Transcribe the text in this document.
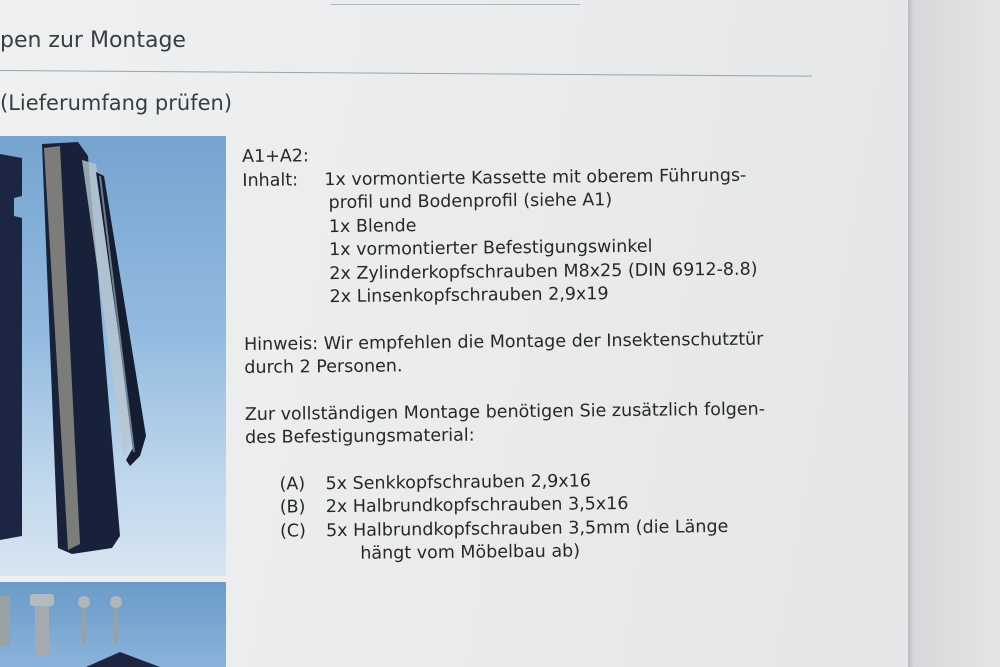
pen zur Montage
(Lieferumfang prüfen)
A1+A2:
Inhalt: 1x vormontierte Kassette mit oberem Führungs-
profil und Bodenprofil (siehe A1)
1x Blende
1x vormontierter Befestigungswinkel
2x Zylinderkopfschrauben M8x25 (DIN 6912-8.8)
2x Linsenkopfschrauben 2,9x19
Hinweis: Wir empfehlen die Montage der Insektenschutztür
durch 2 Personen.
Zur vollständigen Montage benötigen Sie zusätzlich folgen-
des Befestigungsmaterial:
(A) 5x Senkkopfschrauben 2,9x16
(B) 2x Halbrundkopfschrauben 3,5x16
(C) 5x Halbrundkopfschrauben 3,5mm (die Länge
hängt vom Möbelbau ab)
